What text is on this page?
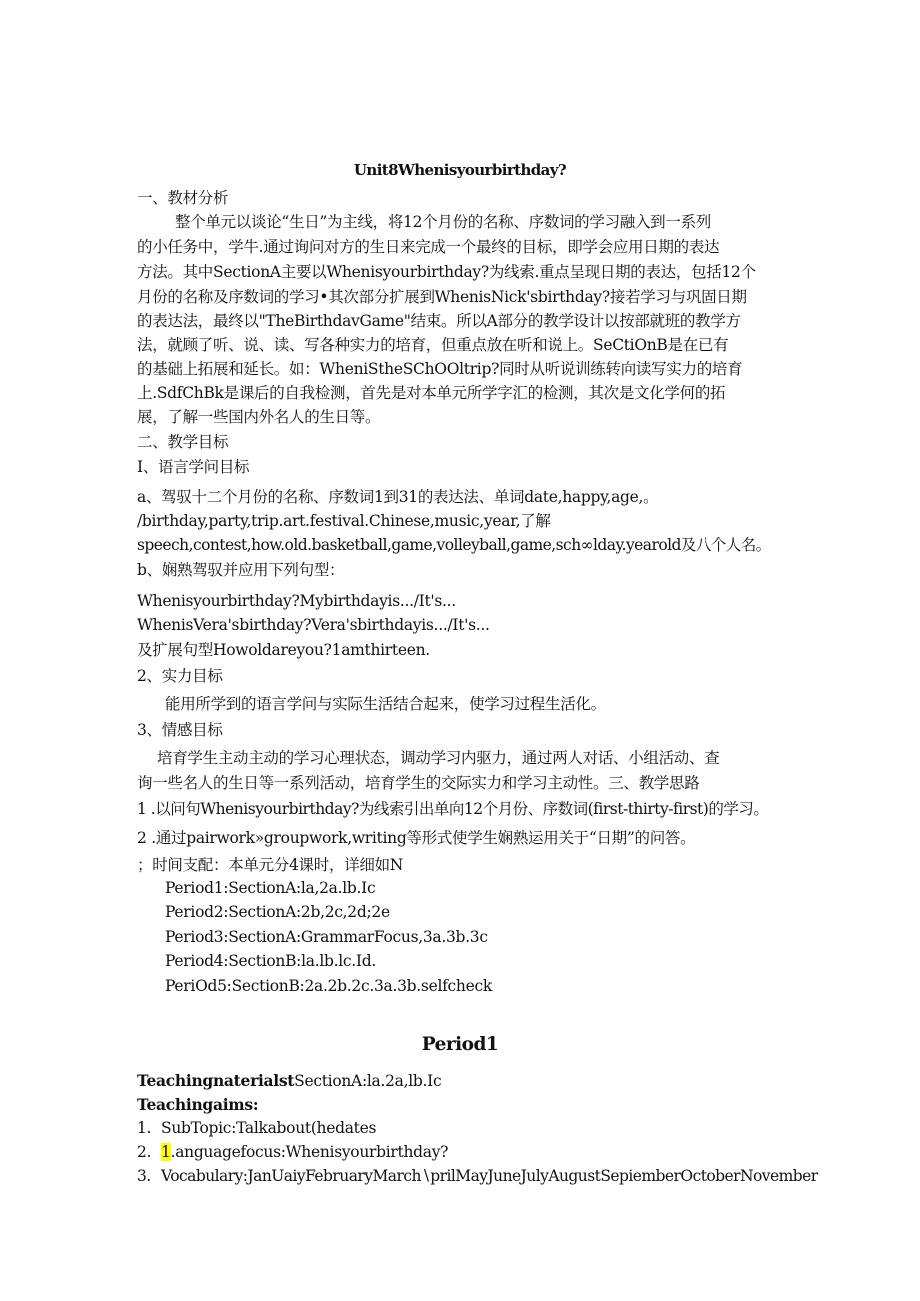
Unit8Whenisyourbirthday?
一、教材分析
整个单元以谈论“生日”为主线，将12个月份的名称、序数词的学习融入到一系列
的小任务中，学牛.通过询问对方的生日来完成一个最终的目标，即学会应用日期的表达
方法。其中SectionA主要以Whenisyourbirthday?为线索.重点呈现日期的表达，包括12个
月份的名称及序数词的学习•其次部分扩展到WhenisNick'sbirthday?接若学习与巩固日期
的表达法，最终以"TheBirthdavGame"结束。所以A部分的教学设计以按部就班的教学方
法，就顾了听、说、读、写各种实力的培育，但重点放在听和说上。SeCtiOnB是在已有
的基础上拓展和延长。如：WheniStheSChOOltrip?同时从听说训练转向读写实力的培育
上.SdfChBk是课后的自我检测，首先是对本单元所学字汇的检测，其次是文化学何的拓
展，了解一些国内外名人的生日等。
二、教学目标
I、语言学问目标
a、驾驭十二个月份的名称、序数词1到31的表达法、单词date,happy,age,。
/birthday,party,trip.art.festival.Chinese,music,year,了解
speech,contest,how.old.basketball,game,volleyball,game,sch∞lday.yearold及八个人名。
b、娴熟驾驭并应用下列句型：
Whenisyourbirthday?Mybirthdayis.../It's...
WhenisVera'sbirthday?Vera'sbirthdayis.../It's...
及扩展句型Howoldareyou?1amthirteen.
2、实力目标
能用所学到的语言学问与实际生活结合起来，使学习过程生活化。
3、情感目标
培育学生主动主动的学习心理状态，调动学习内驱力，通过两人对话、小组活动、查
询一些名人的生日等一系列活动，培育学生的交际实力和学习主动性。三、教学思路
1 .以问句Whenisyourbirthday?为线索引出单向12个月份、序数词(first-thirty-first)的学习。
2 .通过pairwork»groupwork,writing等形式使学生娴熟运用关于“日期”的问答。
；时间支配：本单元分4课时，详细如N
Period1:SectionA:la,2a.lb.Ic
Period2:SectionA:2b,2c,2d;2e
Period3:SectionA:GrammarFocus,3a.3b.3c
Period4:SectionB:la.lb.lc.Id.
PeriOd5:SectionB:2a.2b.2c.3a.3b.selfcheck
Period1
TeachingnaterialstSectionA:la.2a,lb.Ic
Teachingaims:
1. SubTopic:Talkabout(hedates
2. 1.anguagefocus:Whenisyourbirthday?
3. Vocabulary:JanUaiyFebruaryMarch∖prilMayJuneJulyAugustSepiemberOctoberNovember
